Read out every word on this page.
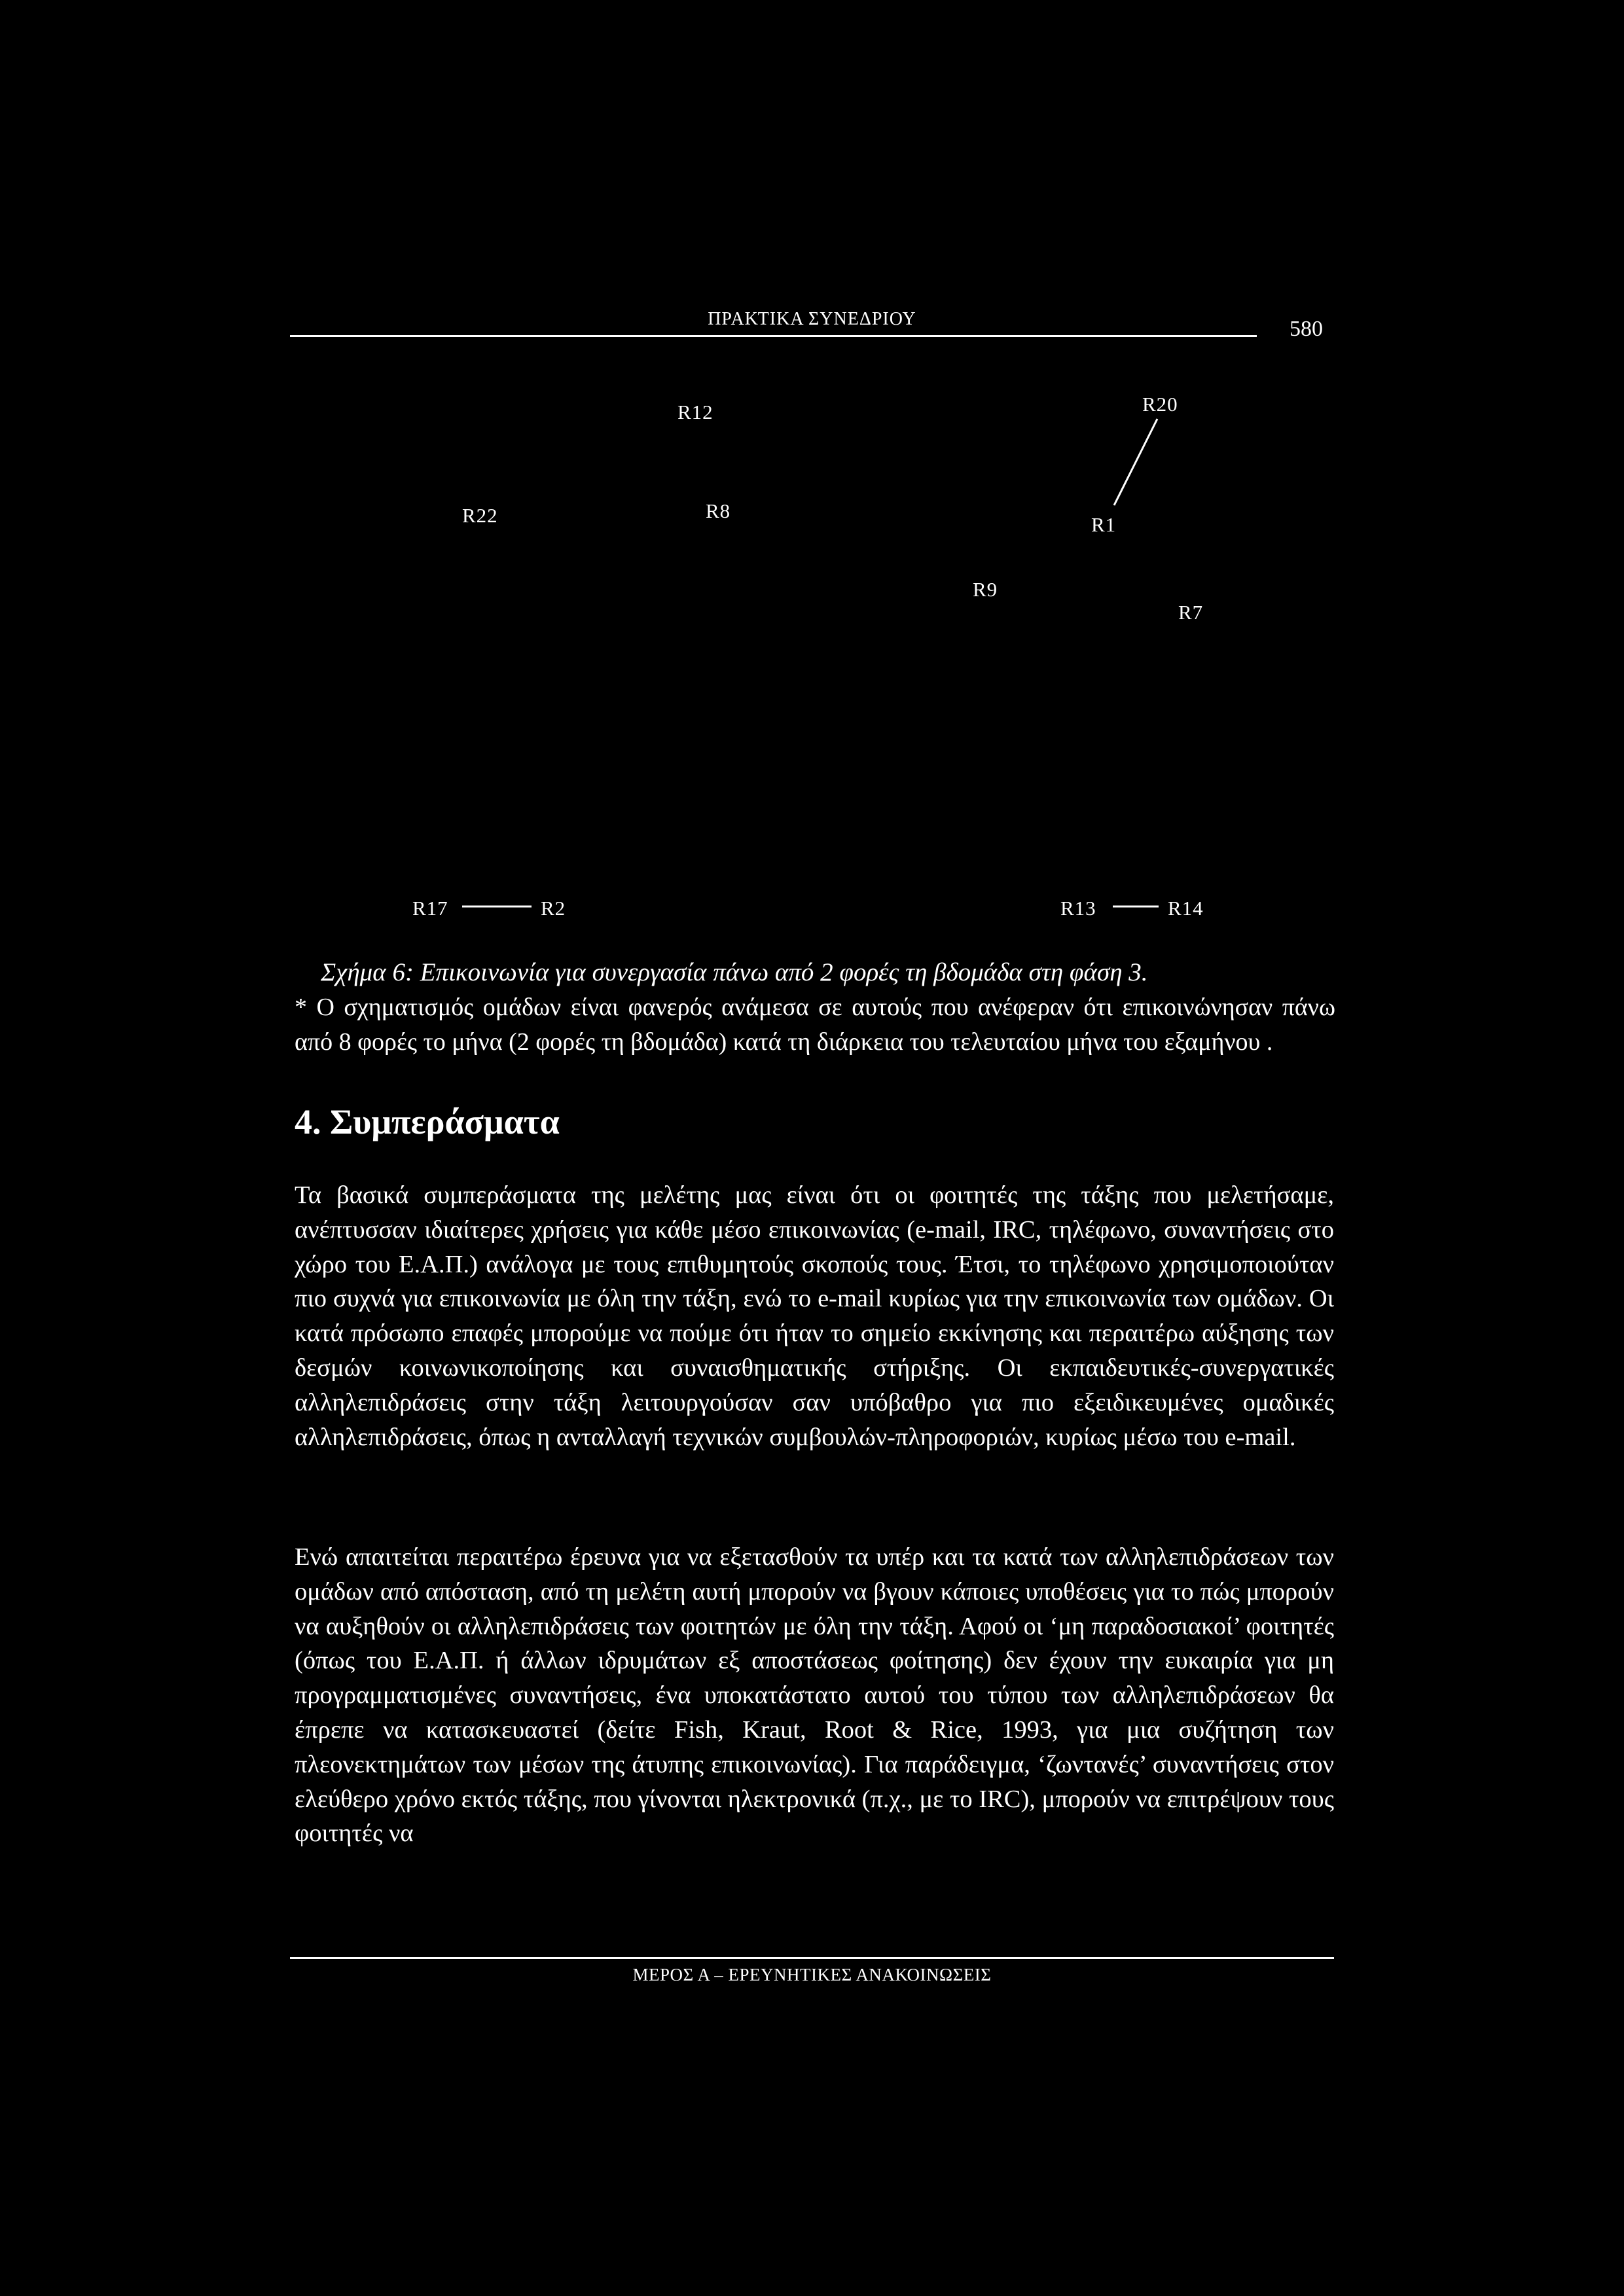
ΠΡΑΚΤΙΚΑ ΣΥΝΕΔΡΙΟΥ	580
R12	R20
R22	R8
R1
R9
R7
R17	R2	R13	R14
Σχήμα 6: Επικοινωνία για συνεργασία πάνω από 2 φορές τη βδομάδα στη φάση 3.
* Ο σχηματισμός ομάδων είναι φανερός ανάμεσα σε αυτούς που ανέφεραν ότι επικοινώνησαν πάνω από 8 φορές το μήνα (2 φορές τη βδομάδα) κατά τη διάρκεια του τελευταίου μήνα του εξαμήνου .
4. Συμπεράσματα
Τα βασικά συμπεράσματα της μελέτης μας είναι ότι οι φοιτητές της τάξης που μελετήσαμε, ανέπτυσσαν ιδιαίτερες χρήσεις για κάθε μέσο επικοινωνίας (e-mail, IRC, τηλέφωνο, συναντήσεις στο χώρο του Ε.Α.Π.) ανάλογα με τους επιθυμητούς σκοπούς τους. Έτσι, το τηλέφωνο χρησιμοποιούταν πιο συχνά για επικοινωνία με όλη την τάξη, ενώ το e-mail κυρίως για την επικοινωνία των ομάδων. Οι κατά πρόσωπο επαφές μπορούμε να πούμε ότι ήταν το σημείο εκκίνησης και περαιτέρω αύξησης των δεσμών κοινωνικοποίησης και συναισθηματικής στήριξης. Οι εκπαιδευτικές-συνεργατικές αλληλεπιδράσεις στην τάξη λειτουργούσαν σαν υπόβαθρο για πιο εξειδικευμένες ομαδικές αλληλεπιδράσεις, όπως η ανταλλαγή τεχνικών συμβουλών-πληροφοριών, κυρίως μέσω του e-mail.
Ενώ απαιτείται περαιτέρω έρευνα για να εξετασθούν τα υπέρ και τα κατά των αλληλεπιδράσεων των ομάδων από απόσταση, από τη μελέτη αυτή μπορούν να βγουν κάποιες υποθέσεις για το πώς μπορούν να αυξηθούν οι αλληλεπιδράσεις των φοιτητών με όλη την τάξη. Αφού οι ‘μη παραδοσιακοί’ φοιτητές (όπως του Ε.Α.Π. ή άλλων ιδρυμάτων εξ αποστάσεως φοίτησης) δεν έχουν την ευκαιρία για μη προγραμματισμένες συναντήσεις, ένα υποκατάστατο αυτού του τύπου των αλληλεπιδράσεων θα έπρεπε να κατασκευαστεί (δείτε Fish, Kraut, Root & Rice, 1993, για μια συζήτηση των πλεονεκτημάτων των μέσων της άτυπης επικοινωνίας). Για παράδειγμα, ‘ζωντανές’ συναντήσεις στον ελεύθερο χρόνο εκτός τάξης, που γίνονται ηλεκτρονικά (π.χ., με το IRC), μπορούν να επιτρέψουν τους φοιτητές να
ΜΕΡΟΣ Α – ΕΡΕΥΝΗΤΙΚΕΣ ΑΝΑΚΟΙΝΩΣΕΙΣ
